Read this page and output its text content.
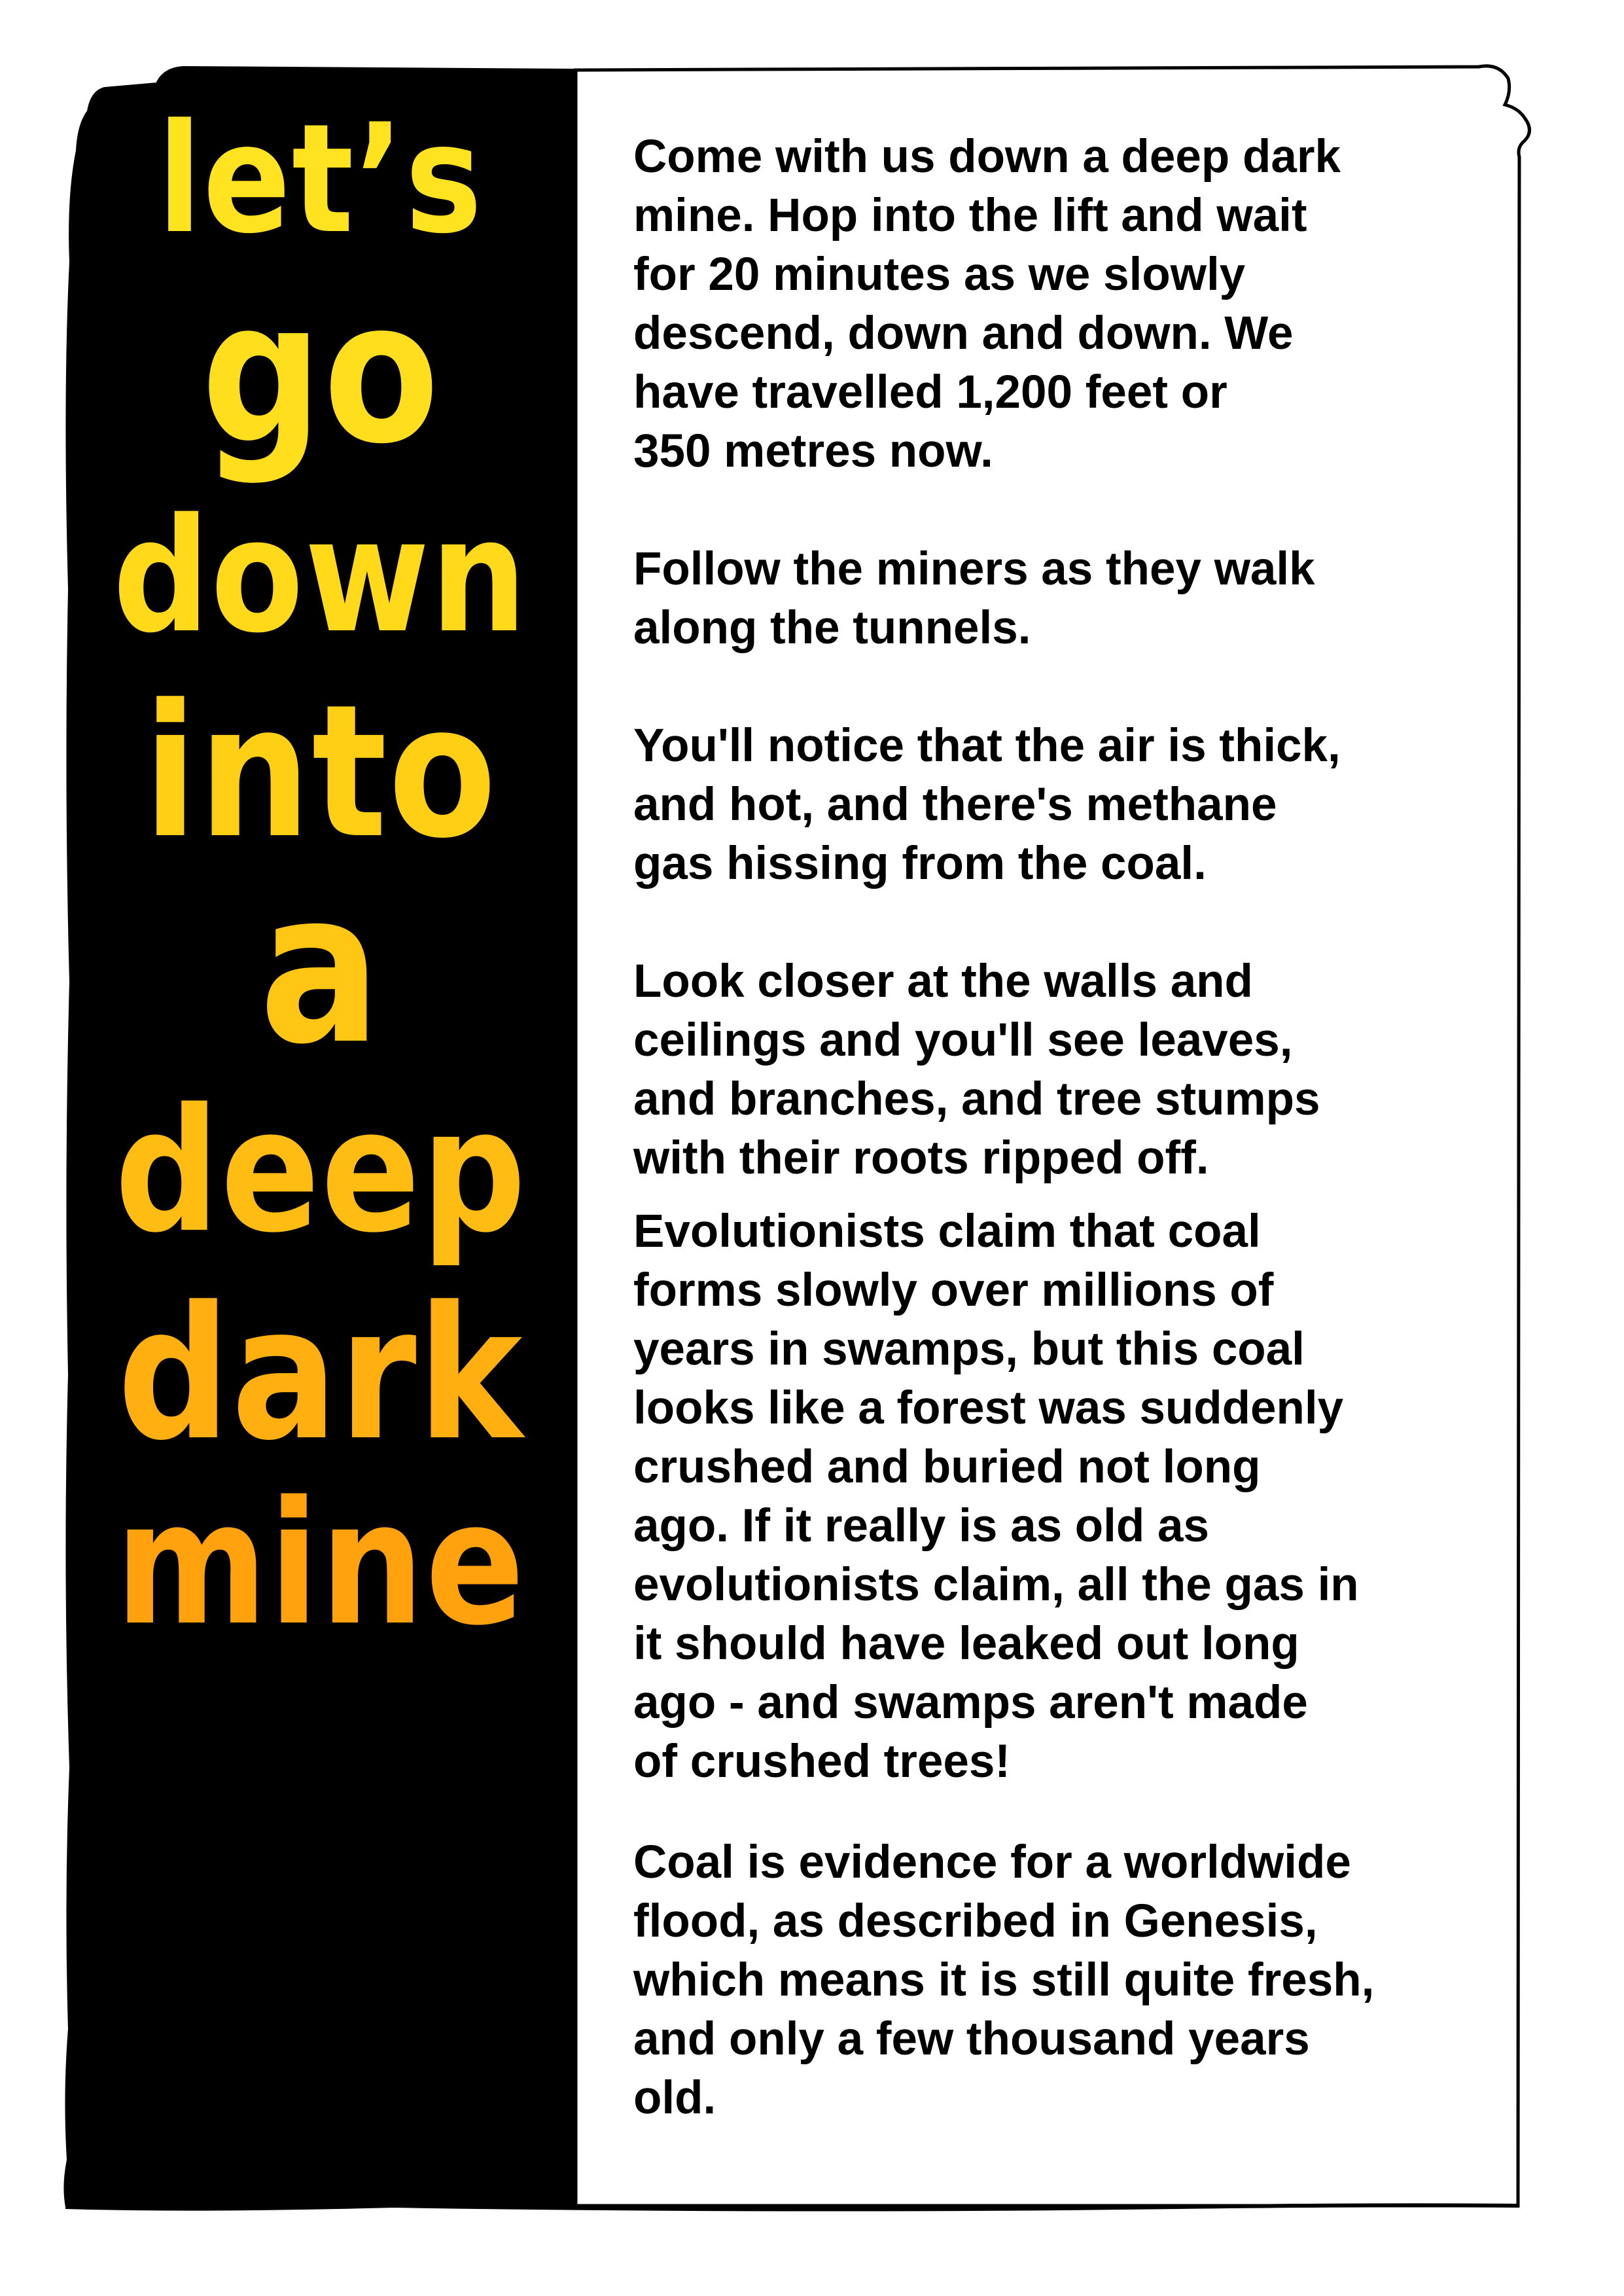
let’s
go
down
into
a
deep
dark
mine

Come with us down a deep dark
mine. Hop into the lift and wait
for 20 minutes as we slowly
descend, down and down. We
have travelled 1,200 feet or
350 metres now.

Follow the miners as they walk
along the tunnels.

You'll notice that the air is thick,
and hot, and there's methane
gas hissing from the coal.

Look closer at the walls and
ceilings and you'll see leaves,
and branches, and tree stumps
with their roots ripped off.

Evolutionists claim that coal
forms slowly over millions of
years in swamps, but this coal
looks like a forest was suddenly
crushed and buried not long
ago. If it really is as old as
evolutionists claim, all the gas in
it should have leaked out long
ago - and swamps aren't made
of crushed trees!

Coal is evidence for a worldwide
flood, as described in Genesis,
which means it is still quite fresh,
and only a few thousand years
old.
